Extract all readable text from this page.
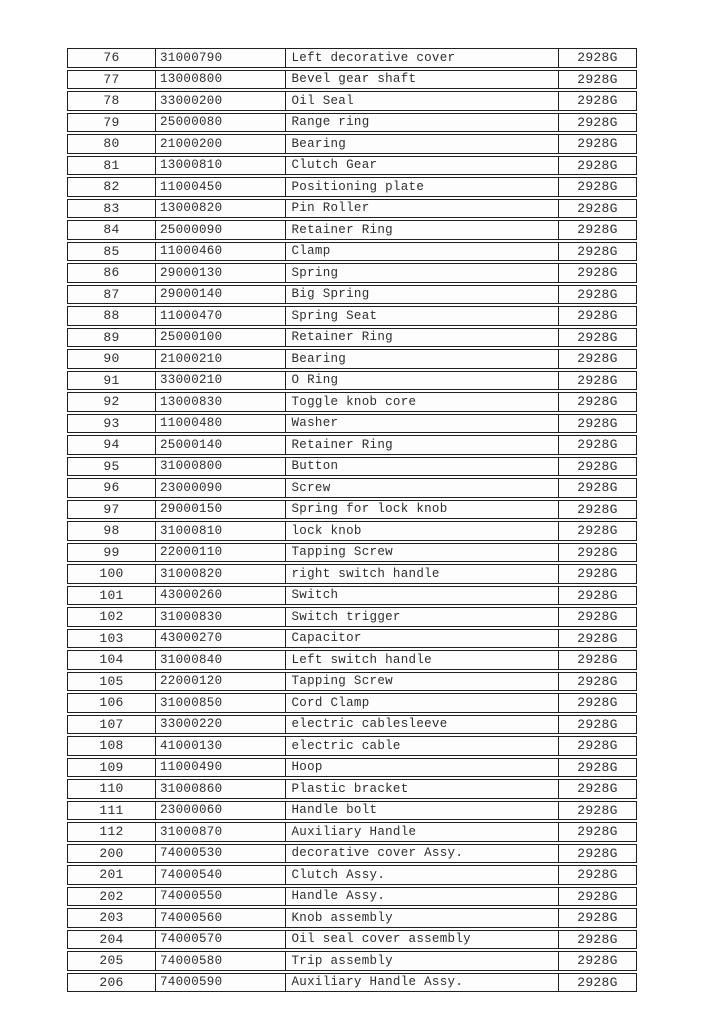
76	31000790	Left decorative cover	2928G
77	13000800	Bevel gear shaft	2928G
78	33000200	Oil Seal	2928G
79	25000080	Range ring	2928G
80	21000200	Bearing	2928G
81	13000810	Clutch Gear	2928G
82	11000450	Positioning plate	2928G
83	13000820	Pin Roller	2928G
84	25000090	Retainer Ring	2928G
85	11000460	Clamp	2928G
86	29000130	Spring	2928G
87	29000140	Big Spring	2928G
88	11000470	Spring Seat	2928G
89	25000100	Retainer Ring	2928G
90	21000210	Bearing	2928G
91	33000210	O Ring	2928G
92	13000830	Toggle knob core	2928G
93	11000480	Washer	2928G
94	25000140	Retainer Ring	2928G
95	31000800	Button	2928G
96	23000090	Screw	2928G
97	29000150	Spring for lock knob	2928G
98	31000810	lock knob	2928G
99	22000110	Tapping Screw	2928G
100	31000820	right switch handle	2928G
101	43000260	Switch	2928G
102	31000830	Switch trigger	2928G
103	43000270	Capacitor	2928G
104	31000840	Left switch handle	2928G
105	22000120	Tapping Screw	2928G
106	31000850	Cord Clamp	2928G
107	33000220	electric cablesleeve	2928G
108	41000130	electric cable	2928G
109	11000490	Hoop	2928G
110	31000860	Plastic bracket	2928G
111	23000060	Handle bolt	2928G
112	31000870	Auxiliary Handle	2928G
200	74000530	decorative cover Assy.	2928G
201	74000540	Clutch Assy.	2928G
202	74000550	Handle Assy.	2928G
203	74000560	Knob assembly	2928G
204	74000570	Oil seal cover assembly	2928G
205	74000580	Trip assembly	2928G
206	74000590	Auxiliary Handle Assy.	2928G
